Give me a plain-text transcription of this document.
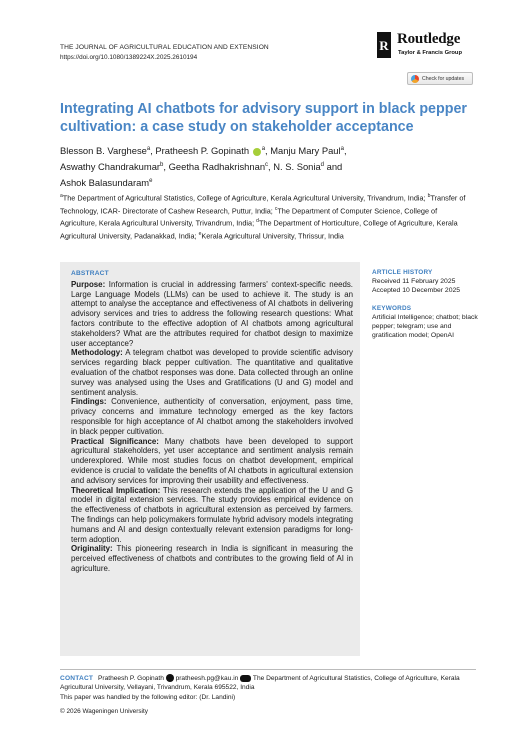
THE JOURNAL OF AGRICULTURAL EDUCATION AND EXTENSION
https://doi.org/10.1080/1389224X.2025.2610194
R Routledge
Taylor & Francis Group
Check for updates
Integrating AI chatbots for advisory support in black pepper cultivation: a case study on stakeholder acceptance
Blesson B. Varghese$^a$, Pratheesh P. Gopinath $^a$, Manju Mary Paul$^a$,
Aswathy Chandrakumar$^b$, Geetha Radhakrishnan$^c$, N. S. Sonia$^d$ and
Ashok Balasundaram$^e$
$^a$The Department of Agricultural Statistics, College of Agriculture, Kerala Agricultural University, Trivandrum, India; $^b$Transfer of Technology, ICAR- Directorate of Cashew Research, Puttur, India; $^c$The Department of Computer Science, College of Agriculture, Kerala Agricultural University, Trivandrum, India; $^d$The Department of Horticulture, College of Agriculture, Kerala Agricultural University, Padanakkad, India; $^e$Kerala Agricultural University, Thrissur, India
ABSTRACT
Purpose: Information is crucial in addressing farmers' context-specific needs. Large Language Models (LLMs) can be used to achieve it. The study is an attempt to analyse the acceptance and effectiveness of AI chatbots in delivering advisory services and tries to address the following research questions: What factors contribute to the effective adoption of AI chatbots among agricultural stakeholders? What are the attributes required for chatbot design to maximize user acceptance?
Methodology: A telegram chatbot was developed to provide scientific advisory services regarding black pepper cultivation. The quantitative and qualitative evaluation of the chatbot responses was done. Data collected through an online survey was analysed using the Uses and Gratifications (U and G) model and sentiment analysis.
Findings: Convenience, authenticity of conversation, enjoyment, pass time, privacy concerns and immature technology emerged as the key factors responsible for high acceptance of AI chatbot among the stakeholders involved in black pepper cultivation.
Practical Significance: Many chatbots have been developed to support agricultural stakeholders, yet user acceptance and sentiment analysis remain underexplored. While most studies focus on chatbot development, empirical evidence is crucial to validate the benefits of AI chatbots in agricultural extension and advisory services for improving their usability and effectiveness.
Theoretical Implication: This research extends the application of the U and G model in digital extension services. The study provides empirical evidence on the effectiveness of chatbots in agricultural extension as perceived by farmers. The findings can help policymakers formulate hybrid advisory models integrating humans and AI and design contextually relevant extension paradigms for long-term adoption.
Originality: This pioneering research in India is significant in measuring the perceived effectiveness of chatbots and contributes to the growing field of AI in agriculture.
ARTICLE HISTORY
Received 11 February 2025
Accepted 10 December 2025
KEYWORDS
Artificial Intelligence; chatbot; black pepper; telegram; use and gratification model; OpenAI
CONTACT Pratheesh P. Gopinath pratheesh.pg@kau.in The Department of Agricultural Statistics, College of Agriculture, Kerala Agricultural University, Vellayani, Trivandrum, Kerala 695522, India
This paper was handled by the following editor: (Dr. Landini)
© 2026 Wageningen University
